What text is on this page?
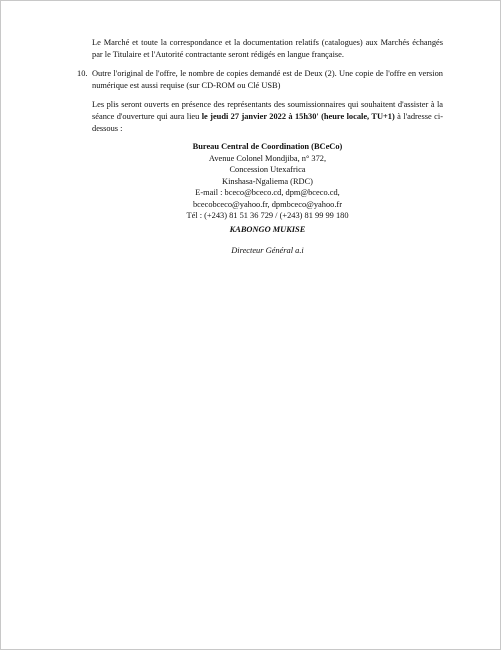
Le Marché et toute la correspondance et la documentation relatifs (catalogues) aux Marchés échangés par le Titulaire et l'Autorité contractante seront rédigés en langue française.
10. Outre l'original de l'offre, le nombre de copies demandé est de Deux (2). Une copie de l'offre en version numérique est aussi requise (sur CD-ROM ou Clé USB)
Les plis seront ouverts en présence des représentants des soumissionnaires qui souhaitent d'assister à la séance d'ouverture qui aura lieu le jeudi 27 janvier 2022 à 15h30' (heure locale, TU+1) à l'adresse ci-dessous :
Bureau Central de Coordination (BCeCo)
Avenue Colonel Mondjiba, n° 372,
Concession Utexafrica
Kinshasa-Ngaliema (RDC)
E-mail : bceco@bceco.cd, dpm@bceco.cd,
bcecobceco@yahoo.fr, dpmbceco@yahoo.fr
Tél : (+243) 81 51 36 729 / (+243) 81 99 99 180
KABONGO MUKISE
Directeur Général a.i
